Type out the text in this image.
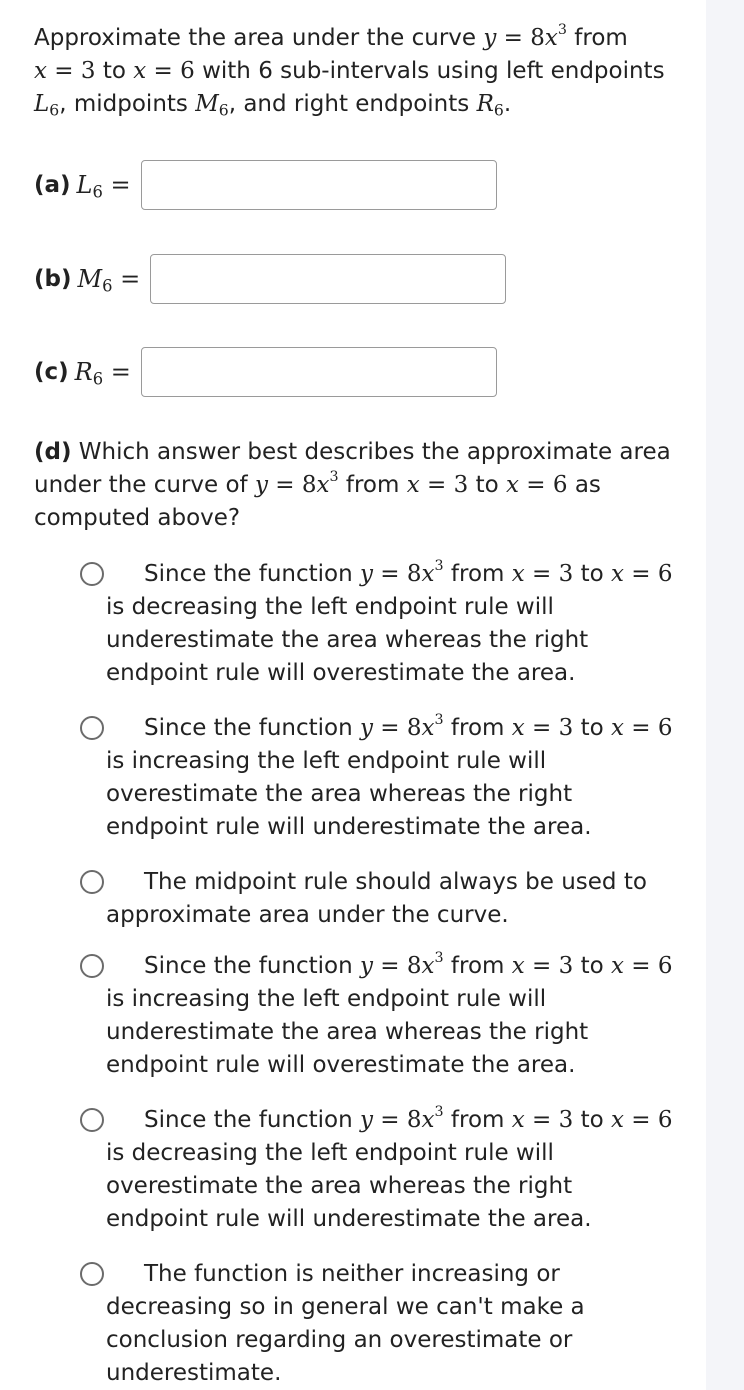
Approximate the area under the curve $y = 8x^3$ from
x = 3 to x = 6 with 6 sub-intervals using left endpoints $L_6$, midpoints $M_6$, and right endpoints $R_6$.

(a) $L_6$ =
(b) $M_6$ =
(c) $R_6$ =

(d) Which answer best describes the approximate area under the curve of $y = 8x^3$ from x = 3 to x = 6 as computed above?

Since the function $y = 8x^3$ from x = 3 to x = 6 is decreasing the left endpoint rule will underestimate the area whereas the right endpoint rule will overestimate the area.
Since the function $y = 8x^3$ from x = 3 to x = 6 is increasing the left endpoint rule will overestimate the area whereas the right endpoint rule will underestimate the area.
The midpoint rule should always be used to approximate area under the curve.
Since the function $y = 8x^3$ from x = 3 to x = 6 is increasing the left endpoint rule will underestimate the area whereas the right endpoint rule will overestimate the area.
Since the function $y = 8x^3$ from x = 3 to x = 6 is decreasing the left endpoint rule will overestimate the area whereas the right endpoint rule will underestimate the area.
The function is neither increasing or decreasing so in general we can't make a conclusion regarding an overestimate or underestimate.
